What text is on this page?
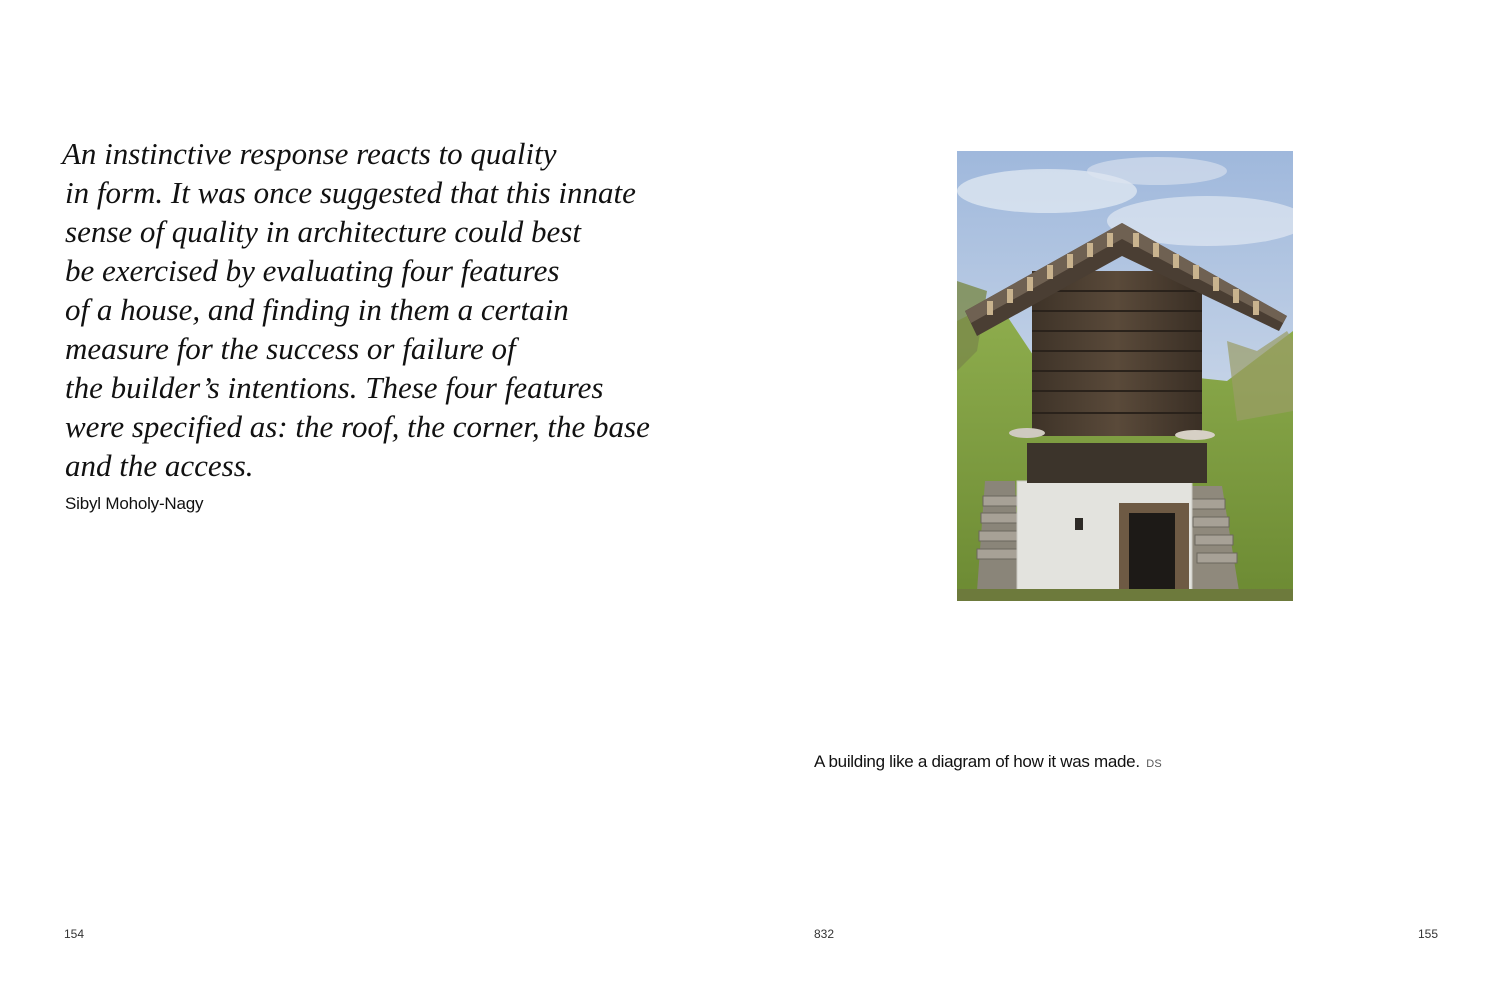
An instinctive response reacts to quality
in form. It was once suggested that this innate
sense of quality in architecture could best
be exercised by evaluating four features
of a house, and finding in them a certain
measure for the success or failure of
the builder’s intentions. These four features
were specified as: the roof, the corner, the base
and the access.
Sibyl Moholy-Nagy
A building like a diagram of how it was made. DS
154	832	155
